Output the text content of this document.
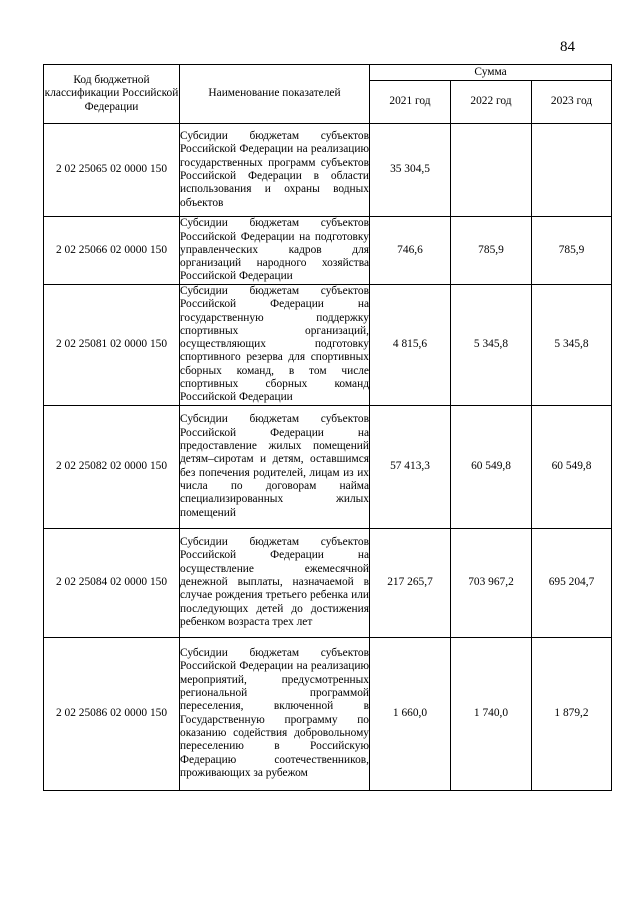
84
Код бюджетной классификации Российской Федерации	Наименование показателей	Сумма		
		2021 год	2022 год	2023 год
2 02 25065 02 0000 150	Субсидии бюджетам субъектов Российской Федерации на реализацию государственных программ субъектов Российской Федерации в области использования и охраны водных объектов	35 304,5		
2 02 25066 02 0000 150	Субсидии бюджетам субъектов Российской Федерации на подготовку управленческих кадров для организаций народного хозяйства Российской Федерации	746,6	785,9	785,9
2 02 25081 02 0000 150	Субсидии бюджетам субъектов Российской Федерации на государственную поддержку спортивных организаций, осуществляющих подготовку спортивного резерва для спортивных сборных команд, в том числе спортивных сборных команд Российской Федерации	4 815,6	5 345,8	5 345,8
2 02 25082 02 0000 150	Субсидии бюджетам субъектов Российской Федерации на предоставление жилых помещений детям–сиротам и детям, оставшимся без попечения родителей, лицам из их числа по договорам найма специализированных жилых помещений	57 413,3	60 549,8	60 549,8
2 02 25084 02 0000 150	Субсидии бюджетам субъектов Российской Федерации на осуществление ежемесячной денежной выплаты, назначаемой в случае рождения третьего ребенка или последующих детей до достижения ребенком возраста трех лет	217 265,7	703 967,2	695 204,7
2 02 25086 02 0000 150	Субсидии бюджетам субъектов Российской Федерации на реализацию мероприятий, предусмотренных региональной программой переселения, включенной в Государственную программу по оказанию содействия добровольному переселению в Российскую Федерацию соотечественников, проживающих за рубежом	1 660,0	1 740,0	1 879,2
